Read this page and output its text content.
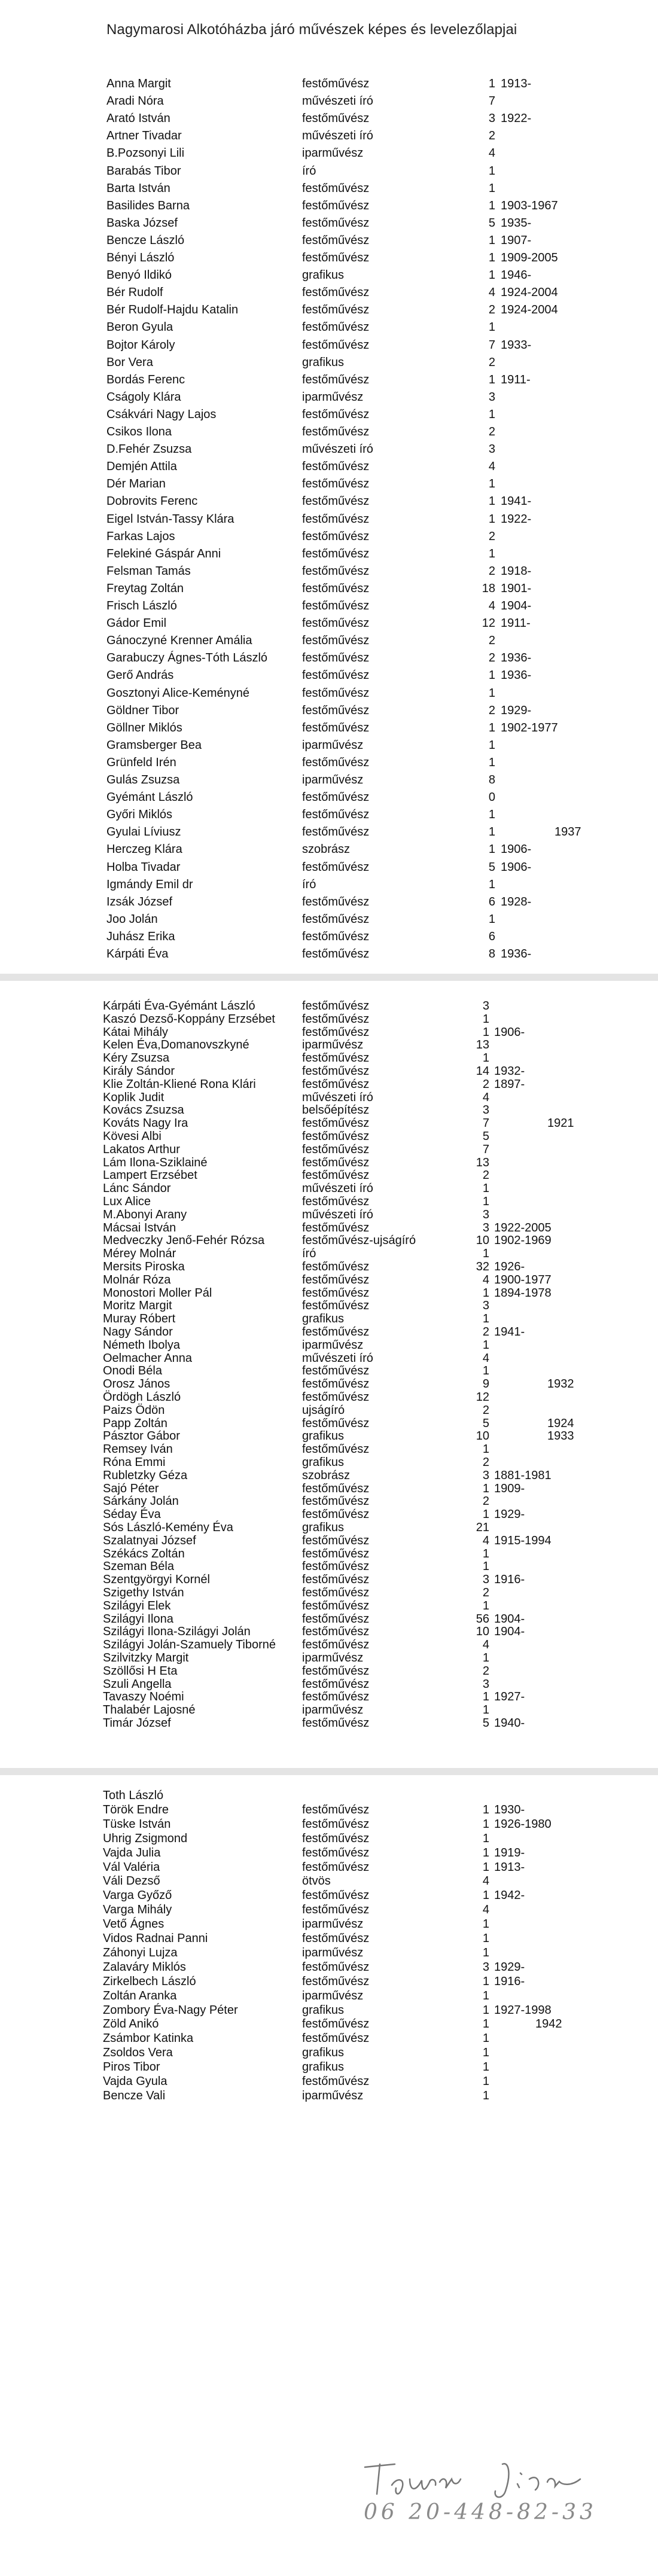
Nagymarosi Alkotóházba járó művészek képes és levelezőlapjai
Anna Margit	festőművész	1 1913-
Aradi Nóra	művészeti író	7
Arató István	festőművész	3 1922-
Artner Tivadar	művészeti író	2
B.Pozsonyi Lili	iparművész	4
Barabás Tibor	író	1
Barta István	festőművész	1
Basilides Barna	festőművész	1 1903-1967
Baska József	festőművész	5 1935-
Bencze László	festőművész	1 1907-
Bényi László	festőművész	1 1909-2005
Benyó Ildikó	grafikus	1 1946-
Bér Rudolf	festőművész	4 1924-2004
Bér Rudolf-Hajdu Katalin	festőművész	2 1924-2004
Beron Gyula	festőművész	1
Bojtor Károly	festőművész	7 1933-
Bor Vera	grafikus	2
Bordás Ferenc	festőművész	1 1911-
Cságoly Klára	iparművész	3
Csákvári Nagy Lajos	festőművész	1
Csikos Ilona	festőművész	2
D.Fehér Zsuzsa	művészeti író	3
Demjén Attila	festőművész	4
Dér Marian	festőművész	1
Dobrovits Ferenc	festőművész	1 1941-
Eigel István-Tassy Klára	festőművész	1 1922-
Farkas Lajos	festőművész	2
Felekiné Gáspár Anni	festőművész	1
Felsman Tamás	festőművész	2 1918-
Freytag Zoltán	festőművész	18 1901-
Frisch László	festőművész	4 1904-
Gádor Emil	festőművész	12 1911-
Gánoczyné Krenner Amália	festőművész	2
Garabuczy Ágnes-Tóth László	festőművész	2 1936-
Gerő András	festőművész	1 1936-
Gosztonyi Alice-Keményné	festőművész	1
Göldner Tibor	festőművész	2 1929-
Göllner Miklós	festőművész	1 1902-1977
Gramsberger Bea	iparművész	1
Grünfeld Irén	festőművész	1
Gulás Zsuzsa	iparművész	8
Gyémánt László	festőművész	0
Győri Miklós	festőművész	1
Gyulai Líviusz	festőművész	1	1937
Herczeg Klára	szobrász	1 1906-
Holba Tivadar	festőművész	5 1906-
Igmándy Emil dr	író	1
Izsák József	festőművész	6 1928-
Joo Jolán	festőművész	1
Juhász Erika	festőművész	6
Kárpáti Éva	festőművész	8 1936-
Kárpáti Éva-Gyémánt László	festőművész	3
Kaszó Dezső-Koppány Erzsébet festőművész	1
Kátai Mihály	festőművész	1 1906-
Kelen Éva,Domanovszkyné	iparművész	13
Kéry Zsuzsa	festőművész	1
Király Sándor	festőművész	14 1932-
Klie Zoltán-Kliené Rona Klári	festőművész	2 1897-
Koplik Judit	művészeti író	4
Kovács Zsuzsa	belsőépítész	3
Kováts Nagy Ira	festőművész	7	1921
Kövesi Albi	festőművész	5
Lakatos Arthur	festőművész	7
Lám Ilona-Sziklainé	festőművész	13
Lampert Erzsébet	festőművész	2
Lánc Sándor	művészeti író	1
Lux Alice	festőművész	1
M.Abonyi Arany	művészeti író	3
Mácsai István	festőművész	3 1922-2005
Medveczky Jenő-Fehér Rózsa	festőművész-ujságíró	10 1902-1969
Mérey Molnár	író	1
Mersits Piroska	festőművész	32 1926-
Molnár Róza	festőművész	4 1900-1977
Monostori Moller Pál	festőművész	1 1894-1978
Moritz Margit	festőművész	3
Muray Róbert	grafikus	1
Nagy Sándor	festőművész	2 1941-
Németh Ibolya	iparművész	1
Oelmacher Anna	művészeti író	4
Onodi Béla	festőművész	1
Orosz János	festőművész	9	1932
Ördögh László	festőművész	12
Paizs Ödön	ujságíró	2
Papp Zoltán	festőművész	5	1924
Pásztor Gábor	grafikus	10	1933
Remsey Iván	festőművész	1
Róna Emmi	grafikus	2
Rubletzky Géza	szobrász	3 1881-1981
Sajó Péter	festőművész	1 1909-
Sárkány Jolán	festőművész	2
Séday Éva	festőművész	1 1929-
Sós László-Kemény Éva	grafikus	21
Szalatnyai József	festőművész	4 1915-1994
Székács Zoltán	festőművész	1
Szeman Béla	festőművész	1
Szentgyörgyi Kornél	festőművész	3 1916-
Szigethy István	festőművész	2
Szilágyi Elek	festőművész	1
Szilágyi Ilona	festőművész	56 1904-
Szilágyi Ilona-Szilágyi Jolán	festőművész	10 1904-
Szilágyi Jolán-Szamuely Tiborné festőművész	4
Szilvitzky Margit	iparművész	1
Szöllősi H Eta	festőművész	2
Szuli Angella	festőművész	3
Tavaszy Noémi	festőművész	1 1927-
Thalabér Lajosné	iparművész	1
Timár József	festőművész	5 1940-
Toth László
Török Endre	festőművész	1 1930-
Tüske István	festőművész	1 1926-1980
Uhrig Zsigmond	festőművész	1
Vajda Julia	festőművész	1 1919-
Vál Valéria	festőművész	1 1913-
Váli Dezső	ötvös	4
Varga Győző	festőművész	1 1942-
Varga Mihály	festőművész	4
Vető Ágnes	iparművész	1
Vidos Radnai Panni	festőművész	1
Záhonyi Lujza	iparművész	1
Zalaváry Miklós	festőművész	3 1929-
Zirkelbech László	festőművész	1 1916-
Zoltán Aranka	iparművész	1
Zombory Éva-Nagy Péter	grafikus	1 1927-1998
Zöld Anikó	festőművész	1	1942
Zsámbor Katinka	festőművész	1
Zsoldos Vera	grafikus	1
Piros Tibor	grafikus	1
Vajda Gyula	festőművész	1
Bencze Vali	iparművész	1
06 20-448-82-33
